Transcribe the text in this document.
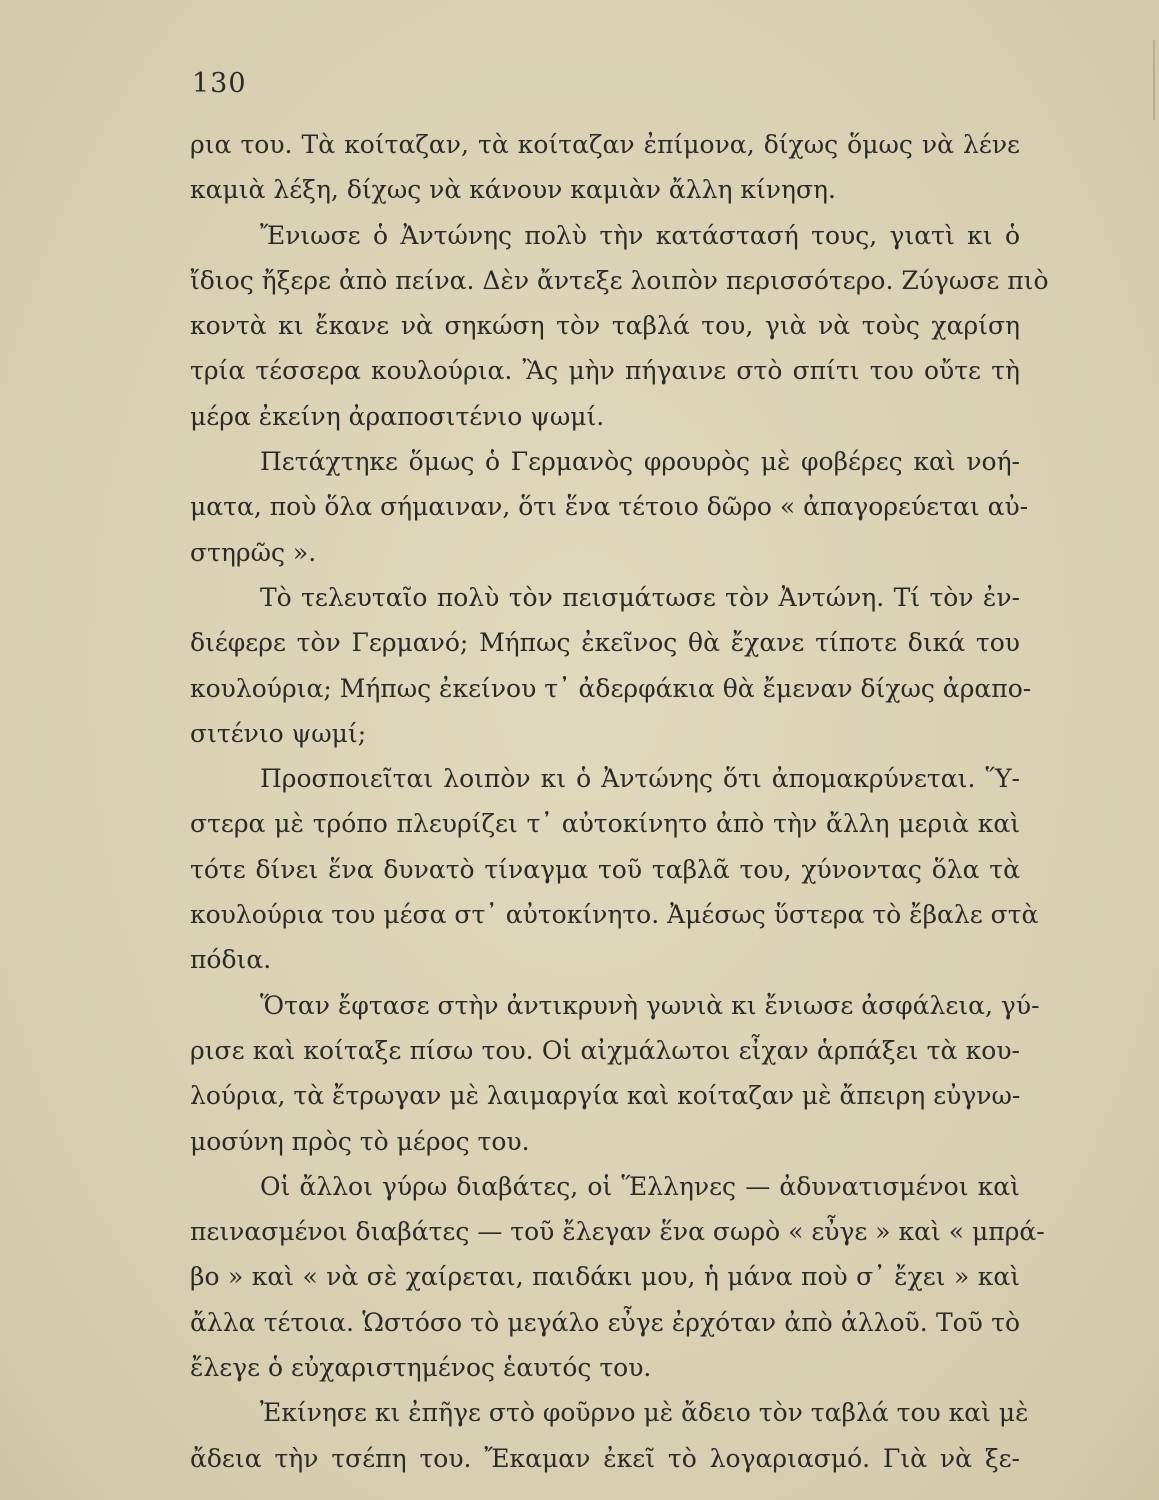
130
ρια του. Τὰ κοίταζαν, τὰ κοίταζαν ἐπίμονα, δίχως ὅμως νὰ λένε
καμιὰ λέξη, δίχως νὰ κάνουν καμιὰν ἄλλη κίνηση.
Ἔνιωσε ὁ Ἀντώνης πολὺ τὴν κατάστασή τους, γιατὶ κι ὁ
ἴδιος ἤξερε ἀπὸ πείνα. Δὲν ἄντεξε λοιπὸν περισσότερο. Ζύγωσε πιὸ
κοντὰ κι ἔκανε νὰ σηκώση τὸν ταβλά του, γιὰ νὰ τοὺς χαρίση
τρία τέσσερα κουλούρια. Ἂς μὴν πήγαινε στὸ σπίτι του οὔτε τὴ
μέρα ἐκείνη ἀραποσιτένιο ψωμί.
Πετάχτηκε ὅμως ὁ Γερμανὸς φρουρὸς μὲ φοβέρες καὶ νοή-
ματα, ποὺ ὅλα σήμαιναν, ὅτι ἕνα τέτοιο δῶρο « ἀπαγορεύεται αὐ-
στηρῶς ».
Τὸ τελευταῖο πολὺ τὸν πεισμάτωσε τὸν Ἀντώνη. Τί τὸν ἐν-
διέφερε τὸν Γερμανό; Μήπως ἐκεῖνος θὰ ἔχανε τίποτε δικά του
κουλούρια; Μήπως ἐκείνου τ᾽ ἀδερφάκια θὰ ἔμεναν δίχως ἀραπο-
σιτένιο ψωμί;
Προσποιεῖται λοιπὸν κι ὁ Ἀντώνης ὅτι ἀπομακρύνεται. Ὕ-
στερα μὲ τρόπο πλευρίζει τ᾽ αὐτοκίνητο ἀπὸ τὴν ἄλλη μεριὰ καὶ
τότε δίνει ἕνα δυνατὸ τίναγμα τοῦ ταβλᾶ του, χύνοντας ὅλα τὰ
κουλούρια του μέσα στ᾽ αὐτοκίνητο. Ἀμέσως ὕστερα τὸ ἔβαλε στὰ
πόδια.
Ὅταν ἔφτασε στὴν ἀντικρυνὴ γωνιὰ κι ἔνιωσε ἀσφάλεια, γύ-
ρισε καὶ κοίταξε πίσω του. Οἱ αἰχμάλωτοι εἶχαν ἁρπάξει τὰ κου-
λούρια, τὰ ἔτρωγαν μὲ λαιμαργία καὶ κοίταζαν μὲ ἄπειρη εὐγνω-
μοσύνη πρὸς τὸ μέρος του.
Οἱ ἄλλοι γύρω διαβάτες, οἱ Ἕλληνες — ἀδυνατισμένοι καὶ
πεινασμένοι διαβάτες — τοῦ ἔλεγαν ἕνα σωρὸ « εὖγε » καὶ « μπρά-
βο » καὶ « νὰ σὲ χαίρεται, παιδάκι μου, ἡ μάνα ποὺ σ᾽ ἔχει » καὶ
ἄλλα τέτοια. Ὡστόσο τὸ μεγάλο εὖγε ἐρχόταν ἀπὸ ἀλλοῦ. Τοῦ τὸ
ἔλεγε ὁ εὐχαριστημένος ἑαυτός του.
Ἐκίνησε κι ἐπῆγε στὸ φοῦρνο μὲ ἄδειο τὸν ταβλά του καὶ μὲ
ἄδεια τὴν τσέπη του. Ἔκαμαν ἐκεῖ τὸ λογαριασμό. Γιὰ νὰ ξε-
